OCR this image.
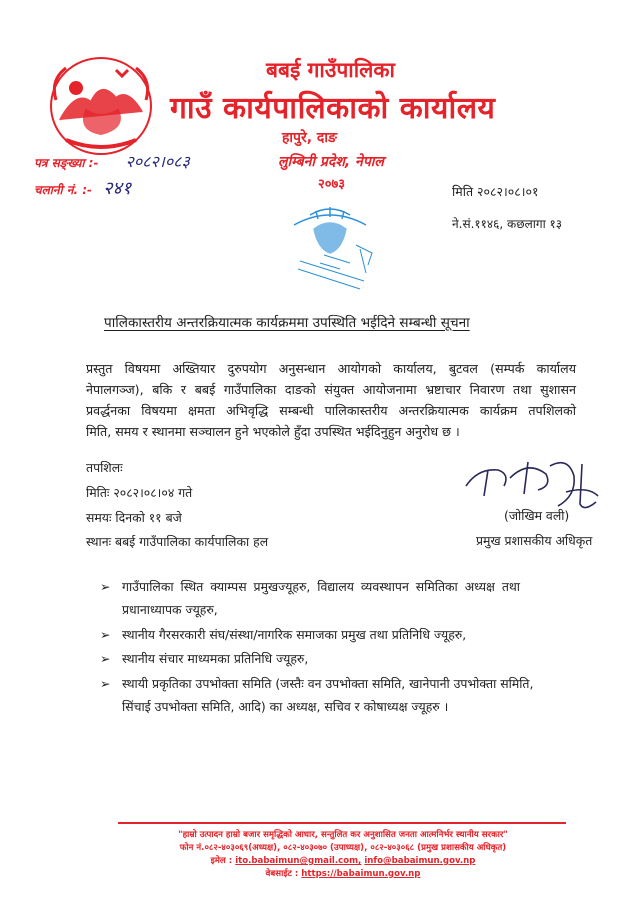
बबई गाउँपालिका
गाउँ कार्यपालिकाको कार्यालय
हापुरे, दाङ
लुम्बिनी प्रदेश, नेपाल
२०७३
पत्र सङ्ख्या :- २०८२।०८३
चलानी नं. :- २४१	मिति २०८२।०८।०१
ने.सं.११४६, कछलागा १३
पालिकास्तरीय अन्तरक्रियात्मक कार्यक्रममा उपस्थिति भईदिने सम्बन्धी सूचना
प्रस्तुत विषयमा अख्तियार दुरुपयोग अनुसन्धान आयोगको कार्यालय, बुटवल (सम्पर्क कार्यालय
नेपालगञ्ज), बकि र बबई गाउँपालिका दाङको संयुक्त आयोजनामा भ्रष्टाचार निवारण तथा सुशासन
प्रवर्द्धनका विषयमा क्षमता अभिवृद्धि सम्बन्धी पालिकास्तरीय अन्तरक्रियात्मक कार्यक्रम तपशिलको
मिति, समय र स्थानमा सञ्चालन हुने भएकोले हुँदा उपस्थित भईदिनुहुन अनुरोध छ ।
तपशिलः
मितिः २०८२।०८।०४ गते
समयः दिनको ११ बजे
स्थानः बबई गाउँपालिका कार्यपालिका हल
(जोखिम वली)
प्रमुख प्रशासकीय अधिकृत
➢ गाउँपालिका स्थित क्याम्पस प्रमुखज्यूहरु, विद्यालय व्यवस्थापन समितिका अध्यक्ष तथा
प्रधानाध्यापक ज्यूहरु,
➢ स्थानीय गैरसरकारी संघ/संस्था/नागरिक समाजका प्रमुख तथा प्रतिनिधि ज्यूहरु,
➢ स्थानीय संचार माध्यमका प्रतिनिधि ज्यूहरु,
➢ स्थायी प्रकृतिका उपभोक्ता समिति (जस्तैः वन उपभोक्ता समिति, खानेपानी उपभोक्ता समिति,
सिंचाई उपभोक्ता समिति, आदि) का अध्यक्ष, सचिव र कोषाध्यक्ष ज्यूहरु ।
"हाम्रो उत्पादन हाम्रो बजार समृद्धिको आधार, सन्तुलित कर अनुशासित जनता आत्मनिर्भर स्थानीय सरकार"
फोन नं.०८२-४०३०६९(अध्यक्ष), ०८२-४०३०७० (उपाध्यक्ष), ०८२-४०३०६८ (प्रमुख प्रशासकीय अधिकृत)
इमेल : ito.babaimun@gmail.com, info@babaimun.gov.np
वेबसाईट : https://babaimun.gov.np
